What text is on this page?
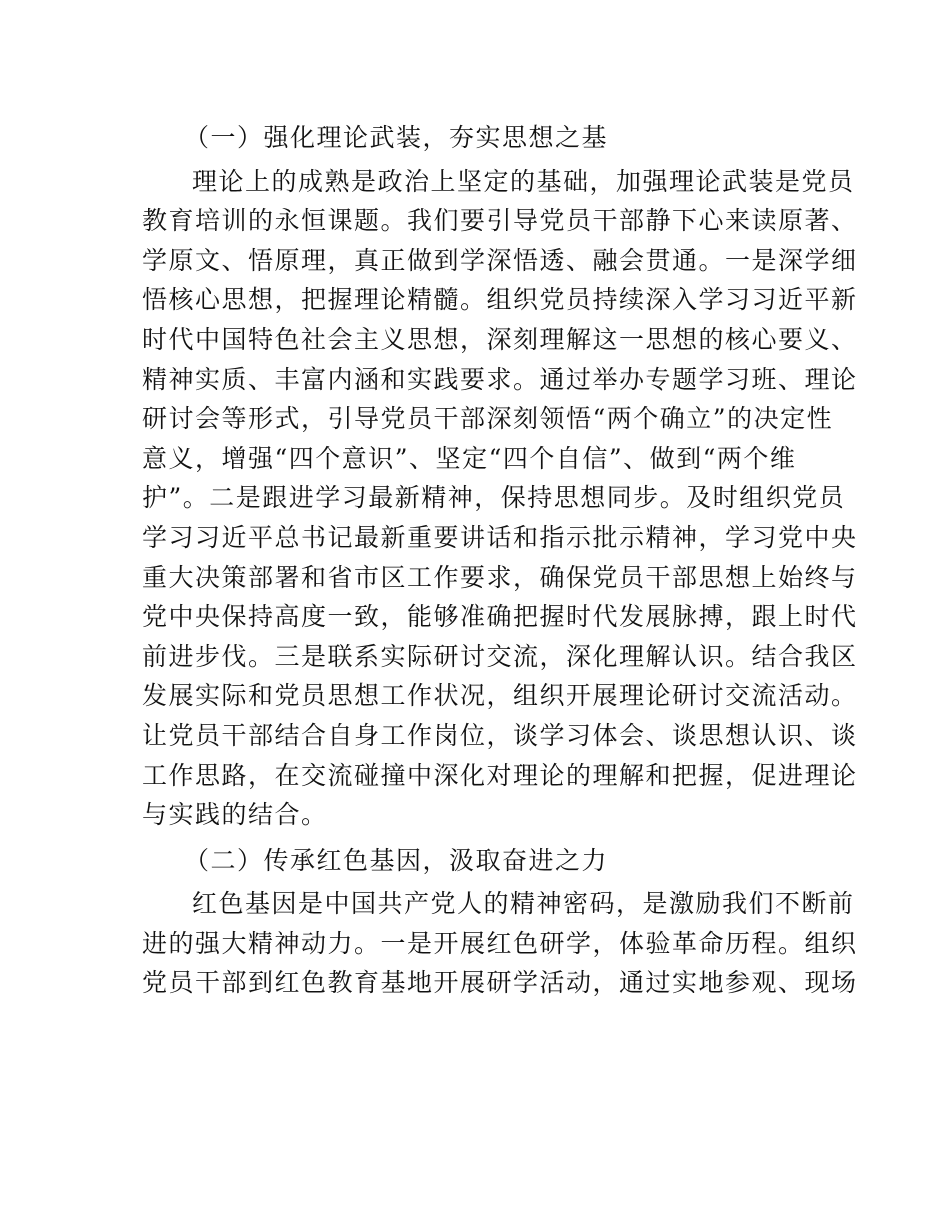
（一）强化理论武装，夯实思想之基
理论上的成熟是政治上坚定的基础，加强理论武装是党员
教育培训的永恒课题。我们要引导党员干部静下心来读原著、
学原文、悟原理，真正做到学深悟透、融会贯通。一是深学细
悟核心思想，把握理论精髓。组织党员持续深入学习习近平新
时代中国特色社会主义思想，深刻理解这一思想的核心要义、
精神实质、丰富内涵和实践要求。通过举办专题学习班、理论
研讨会等形式，引导党员干部深刻领悟“两个确立”的决定性
意义，增强“四个意识”、坚定“四个自信”、做到“两个维
护”。二是跟进学习最新精神，保持思想同步。及时组织党员
学习习近平总书记最新重要讲话和指示批示精神，学习党中央
重大决策部署和省市区工作要求，确保党员干部思想上始终与
党中央保持高度一致，能够准确把握时代发展脉搏，跟上时代
前进步伐。三是联系实际研讨交流，深化理解认识。结合我区
发展实际和党员思想工作状况，组织开展理论研讨交流活动。
让党员干部结合自身工作岗位，谈学习体会、谈思想认识、谈
工作思路，在交流碰撞中深化对理论的理解和把握，促进理论
与实践的结合。
（二）传承红色基因，汲取奋进之力
红色基因是中国共产党人的精神密码，是激励我们不断前
进的强大精神动力。一是开展红色研学，体验革命历程。组织
党员干部到红色教育基地开展研学活动，通过实地参观、现场
